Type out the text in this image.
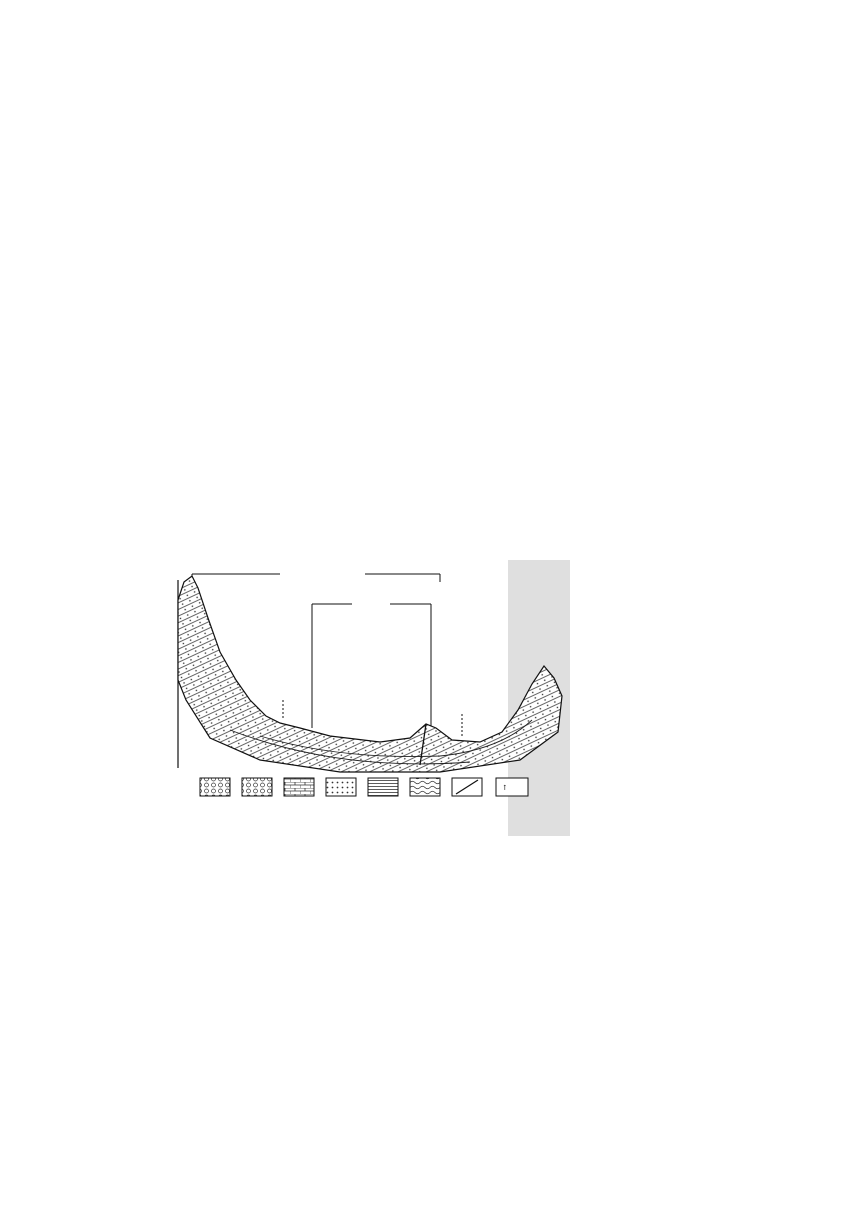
↑
